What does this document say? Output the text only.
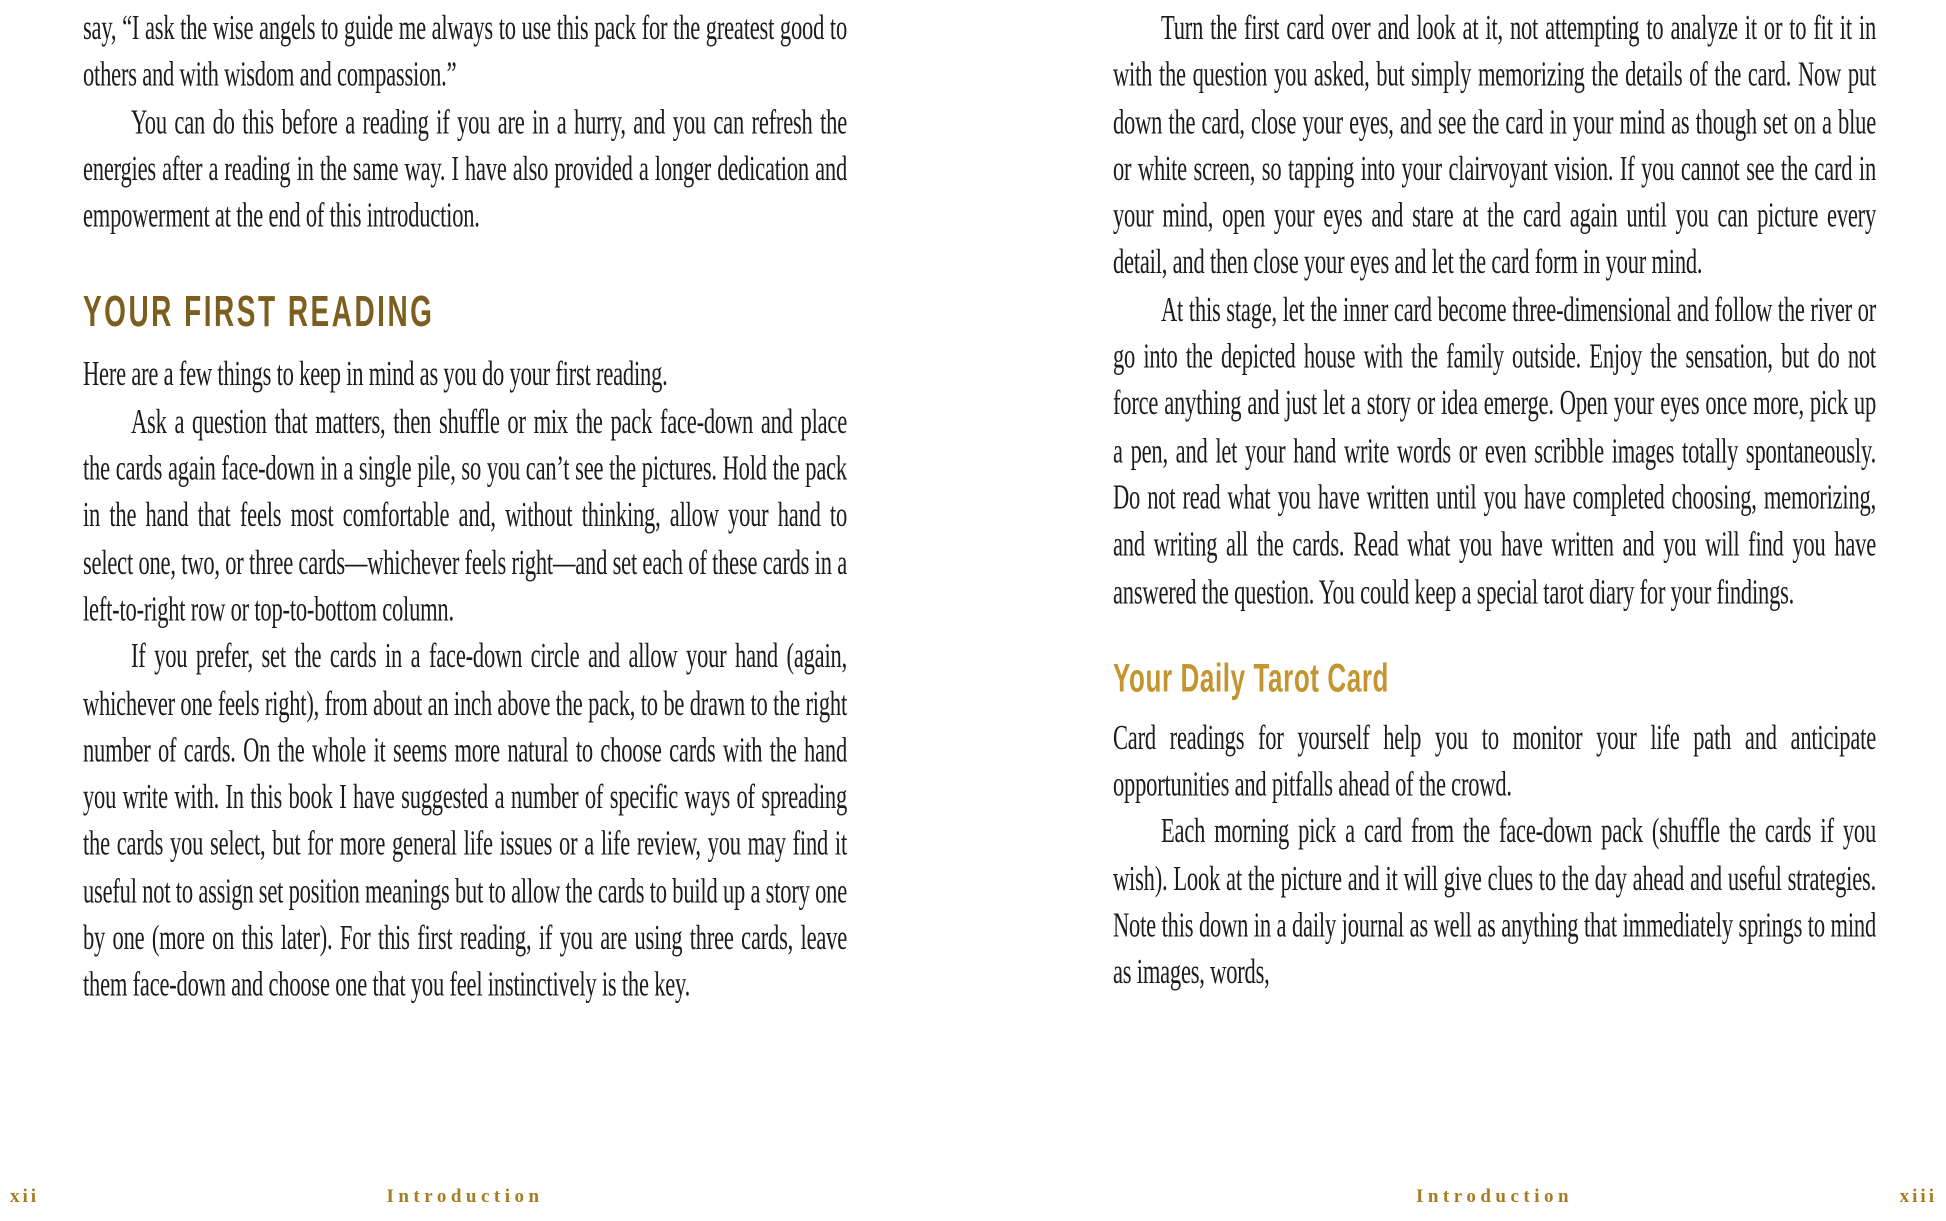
say, “I ask the wise angels to guide me always to use this pack for the greatest good to others and with wisdom and compassion.”

You can do this before a reading if you are in a hurry, and you can refresh the energies after a reading in the same way. I have also provided a longer dedication and empowerment at the end of this introduction.

YOUR FIRST READING

Here are a few things to keep in mind as you do your first reading.

Ask a question that matters, then shuffle or mix the pack face-down and place the cards again face-down in a single pile, so you can’t see the pictures. Hold the pack in the hand that feels most comfortable and, without thinking, allow your hand to select one, two, or three cards—whichever feels right—and set each of these cards in a left-to-right row or top-to-bottom column.

If you prefer, set the cards in a face-down circle and allow your hand (again, whichever one feels right), from about an inch above the pack, to be drawn to the right number of cards. On the whole it seems more natural to choose cards with the hand you write with. In this book I have suggested a number of specific ways of spreading the cards you select, but for more general life issues or a life review, you may find it useful not to assign set position meanings but to allow the cards to build up a story one by one (more on this later). For this first reading, if you are using three cards, leave them face-down and choose one that you feel instinctively is the key.

Turn the first card over and look at it, not attempting to analyze it or to fit it in with the question you asked, but simply memorizing the details of the card. Now put down the card, close your eyes, and see the card in your mind as though set on a blue or white screen, so tapping into your clairvoyant vision. If you cannot see the card in your mind, open your eyes and stare at the card again until you can picture every detail, and then close your eyes and let the card form in your mind.

At this stage, let the inner card become three-dimensional and follow the river or go into the depicted house with the family outside. Enjoy the sensation, but do not force anything and just let a story or idea emerge. Open your eyes once more, pick up a pen, and let your hand write words or even scribble images totally spontaneously. Do not read what you have written until you have completed choosing, memorizing, and writing all the cards. Read what you have written and you will find you have answered the question. You could keep a special tarot diary for your findings.

Your Daily Tarot Card

Card readings for yourself help you to monitor your life path and anticipate opportunities and pitfalls ahead of the crowd.

Each morning pick a card from the face-down pack (shuffle the cards if you wish). Look at the picture and it will give clues to the day ahead and useful strategies. Note this down in a daily journal as well as anything that immediately springs to mind as images, words,

xii	Introduction	Introduction	xiii
